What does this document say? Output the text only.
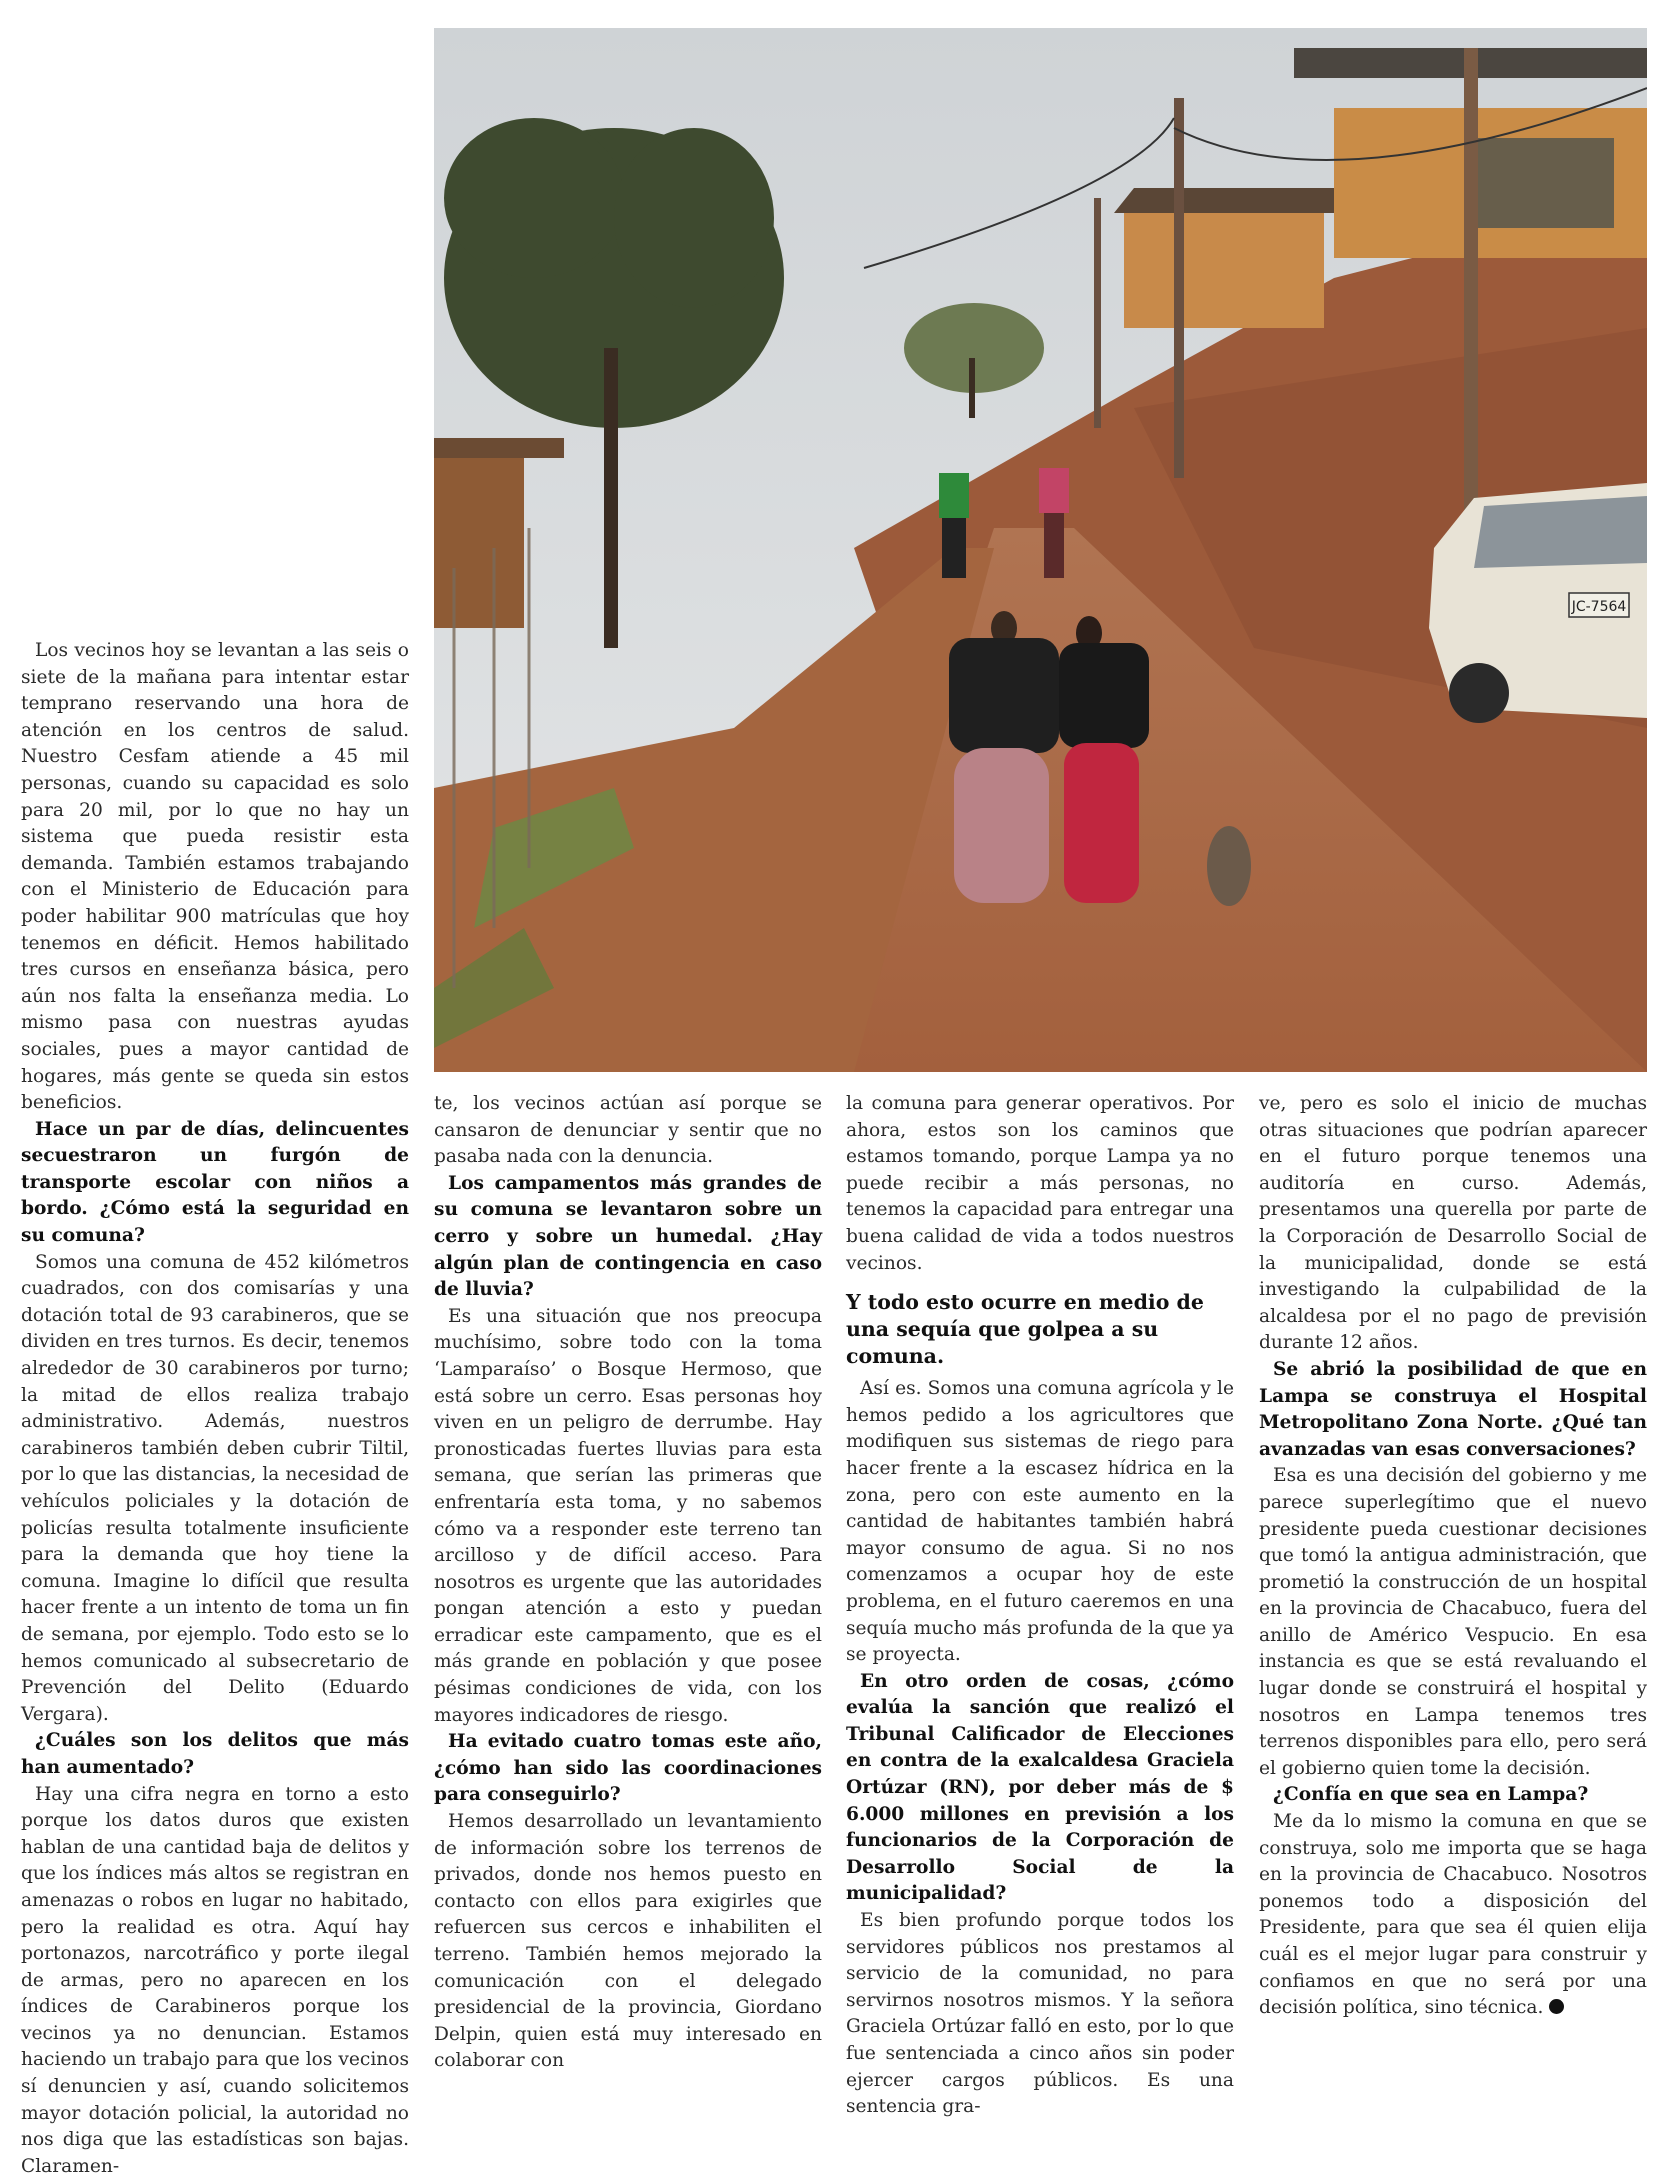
JC-7564

Los vecinos hoy se levantan a las seis o siete de la mañana para intentar estar temprano reservando una hora de atención en los centros de salud. Nuestro Cesfam atiende a 45 mil personas, cuando su capacidad es solo para 20 mil, por lo que no hay un sistema que pueda resistir esta demanda. También estamos trabajando con el Ministerio de Educación para poder habilitar 900 matrículas que hoy tenemos en déficit. Hemos habilitado tres cursos en enseñanza básica, pero aún nos falta la enseñanza media. Lo mismo pasa con nuestras ayudas sociales, pues a mayor cantidad de hogares, más gente se queda sin estos beneficios.

Hace un par de días, delincuentes secuestraron un furgón de transporte escolar con niños a bordo. ¿Cómo está la seguridad en su comuna?

Somos una comuna de 452 kilómetros cuadrados, con dos comisarías y una dotación total de 93 carabineros, que se dividen en tres turnos. Es decir, tenemos alrededor de 30 carabineros por turno; la mitad de ellos realiza trabajo administrativo. Además, nuestros carabineros también deben cubrir Tiltil, por lo que las distancias, la necesidad de vehículos policiales y la dotación de policías resulta totalmente insuficiente para la demanda que hoy tiene la comuna. Imagine lo difícil que resulta hacer frente a un intento de toma un fin de semana, por ejemplo. Todo esto se lo hemos comunicado al subsecretario de Prevención del Delito (Eduardo Vergara).

¿Cuáles son los delitos que más han aumentado?

Hay una cifra negra en torno a esto porque los datos duros que existen hablan de una cantidad baja de delitos y que los índices más altos se registran en amenazas o robos en lugar no habitado, pero la realidad es otra. Aquí hay portonazos, narcotráfico y porte ilegal de armas, pero no aparecen en los índices de Carabineros porque los vecinos ya no denuncian. Estamos haciendo un trabajo para que los vecinos sí denuncien y así, cuando solicitemos mayor dotación policial, la autoridad no nos diga que las estadísticas son bajas. Claramen-

te, los vecinos actúan así porque se cansaron de denunciar y sentir que no pasaba nada con la denuncia.

Los campamentos más grandes de su comuna se levantaron sobre un cerro y sobre un humedal. ¿Hay algún plan de contingencia en caso de lluvia?

Es una situación que nos preocupa muchísimo, sobre todo con la toma ‘Lamparaíso’ o Bosque Hermoso, que está sobre un cerro. Esas personas hoy viven en un peligro de derrumbe. Hay pronosticadas fuertes lluvias para esta semana, que serían las primeras que enfrentaría esta toma, y no sabemos cómo va a responder este terreno tan arcilloso y de difícil acceso. Para nosotros es urgente que las autoridades pongan atención a esto y puedan erradicar este campamento, que es el más grande en población y que posee pésimas condiciones de vida, con los mayores indicadores de riesgo.

Ha evitado cuatro tomas este año, ¿cómo han sido las coordinaciones para conseguirlo?

Hemos desarrollado un levantamiento de información sobre los terrenos de privados, donde nos hemos puesto en contacto con ellos para exigirles que refuercen sus cercos e inhabiliten el terreno. También hemos mejorado la comunicación con el delegado presidencial de la provincia, Giordano Delpin, quien está muy interesado en colaborar con

la comuna para generar operativos. Por ahora, estos son los caminos que estamos tomando, porque Lampa ya no puede recibir a más personas, no tenemos la capacidad para entregar una buena calidad de vida a todos nuestros vecinos.

Y todo esto ocurre en medio de una sequía que golpea a su comuna.

Así es. Somos una comuna agrícola y le hemos pedido a los agricultores que modifiquen sus sistemas de riego para hacer frente a la escasez hídrica en la zona, pero con este aumento en la cantidad de habitantes también habrá mayor consumo de agua. Si no nos comenzamos a ocupar hoy de este problema, en el futuro caeremos en una sequía mucho más profunda de la que ya se proyecta.

En otro orden de cosas, ¿cómo evalúa la sanción que realizó el Tribunal Calificador de Elecciones en contra de la exalcaldesa Graciela Ortúzar (RN), por deber más de $ 6.000 millones en previsión a los funcionarios de la Corporación de Desarrollo Social de la municipalidad?

Es bien profundo porque todos los servidores públicos nos prestamos al servicio de la comunidad, no para servirnos nosotros mismos. Y la señora Graciela Ortúzar falló en esto, por lo que fue sentenciada a cinco años sin poder ejercer cargos públicos. Es una sentencia gra-

ve, pero es solo el inicio de muchas otras situaciones que podrían aparecer en el futuro porque tenemos una auditoría en curso. Además, presentamos una querella por parte de la Corporación de Desarrollo Social de la municipalidad, donde se está investigando la culpabilidad de la alcaldesa por el no pago de previsión durante 12 años.

Se abrió la posibilidad de que en Lampa se construya el Hospital Metropolitano Zona Norte. ¿Qué tan avanzadas van esas conversaciones?

Esa es una decisión del gobierno y me parece superlegítimo que el nuevo presidente pueda cuestionar decisiones que tomó la antigua administración, que prometió la construcción de un hospital en la provincia de Chacabuco, fuera del anillo de Américo Vespucio. En esa instancia es que se está revaluando el lugar donde se construirá el hospital y nosotros en Lampa tenemos tres terrenos disponibles para ello, pero será el gobierno quien tome la decisión.

¿Confía en que sea en Lampa?

Me da lo mismo la comuna en que se construya, solo me importa que se haga en la provincia de Chacabuco. Nosotros ponemos todo a disposición del Presidente, para que sea él quien elija cuál es el mejor lugar para construir y confiamos en que no será por una decisión política, sino técnica.
